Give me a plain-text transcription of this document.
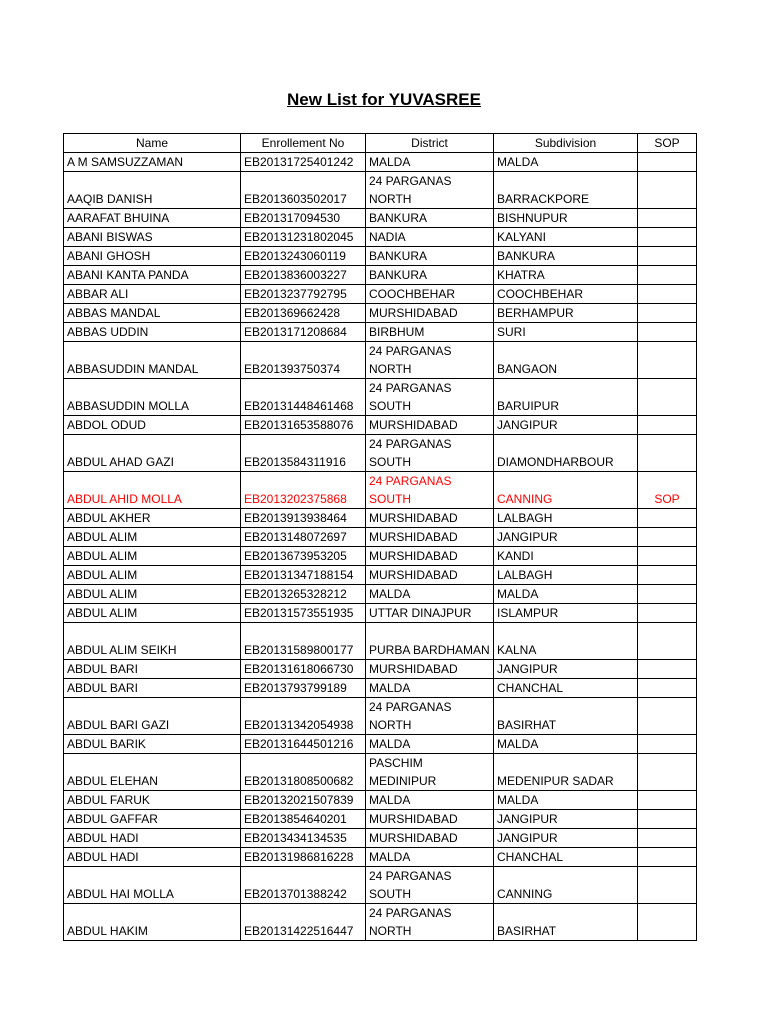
New List for YUVASREE
Name	Enrollement No	District	Subdivision	SOP
A M SAMSUZZAMAN	EB20131725401242	MALDA	MALDA	
AAQIB DANISH	EB2013603502017	24 PARGANAS NORTH	BARRACKPORE	
AARAFAT BHUINA	EB201317094530	BANKURA	BISHNUPUR	
ABANI BISWAS	EB20131231802045	NADIA	KALYANI	
ABANI GHOSH	EB2013243060119	BANKURA	BANKURA	
ABANI KANTA PANDA	EB2013836003227	BANKURA	KHATRA	
ABBAR ALI	EB2013237792795	COOCHBEHAR	COOCHBEHAR	
ABBAS MANDAL	EB201369662428	MURSHIDABAD	BERHAMPUR	
ABBAS UDDIN	EB2013171208684	BIRBHUM	SURI	
ABBASUDDIN MANDAL	EB201393750374	24 PARGANAS NORTH	BANGAON	
ABBASUDDIN MOLLA	EB20131448461468	24 PARGANAS SOUTH	BARUIPUR	
ABDOL ODUD	EB20131653588076	MURSHIDABAD	JANGIPUR	
ABDUL AHAD GAZI	EB2013584311916	24 PARGANAS SOUTH	DIAMONDHARBOUR	
ABDUL AHID MOLLA	EB2013202375868	24 PARGANAS SOUTH	CANNING	SOP
ABDUL AKHER	EB2013913938464	MURSHIDABAD	LALBAGH	
ABDUL ALIM	EB2013148072697	MURSHIDABAD	JANGIPUR	
ABDUL ALIM	EB2013673953205	MURSHIDABAD	KANDI	
ABDUL ALIM	EB20131347188154	MURSHIDABAD	LALBAGH	
ABDUL ALIM	EB2013265328212	MALDA	MALDA	
ABDUL ALIM	EB20131573551935	UTTAR DINAJPUR	ISLAMPUR	
ABDUL ALIM SEIKH	EB20131589800177	PURBA BARDHAMAN	KALNA	
ABDUL BARI	EB20131618066730	MURSHIDABAD	JANGIPUR	
ABDUL BARI	EB2013793799189	MALDA	CHANCHAL	
ABDUL BARI GAZI	EB20131342054938	24 PARGANAS NORTH	BASIRHAT	
ABDUL BARIK	EB20131644501216	MALDA	MALDA	
ABDUL ELEHAN	EB20131808500682	PASCHIM MEDINIPUR	MEDENIPUR SADAR	
ABDUL FARUK	EB20132021507839	MALDA	MALDA	
ABDUL GAFFAR	EB2013854640201	MURSHIDABAD	JANGIPUR	
ABDUL HADI	EB2013434134535	MURSHIDABAD	JANGIPUR	
ABDUL HADI	EB20131986816228	MALDA	CHANCHAL	
ABDUL HAI MOLLA	EB2013701388242	24 PARGANAS SOUTH	CANNING	
ABDUL HAKIM	EB20131422516447	24 PARGANAS NORTH	BASIRHAT	
